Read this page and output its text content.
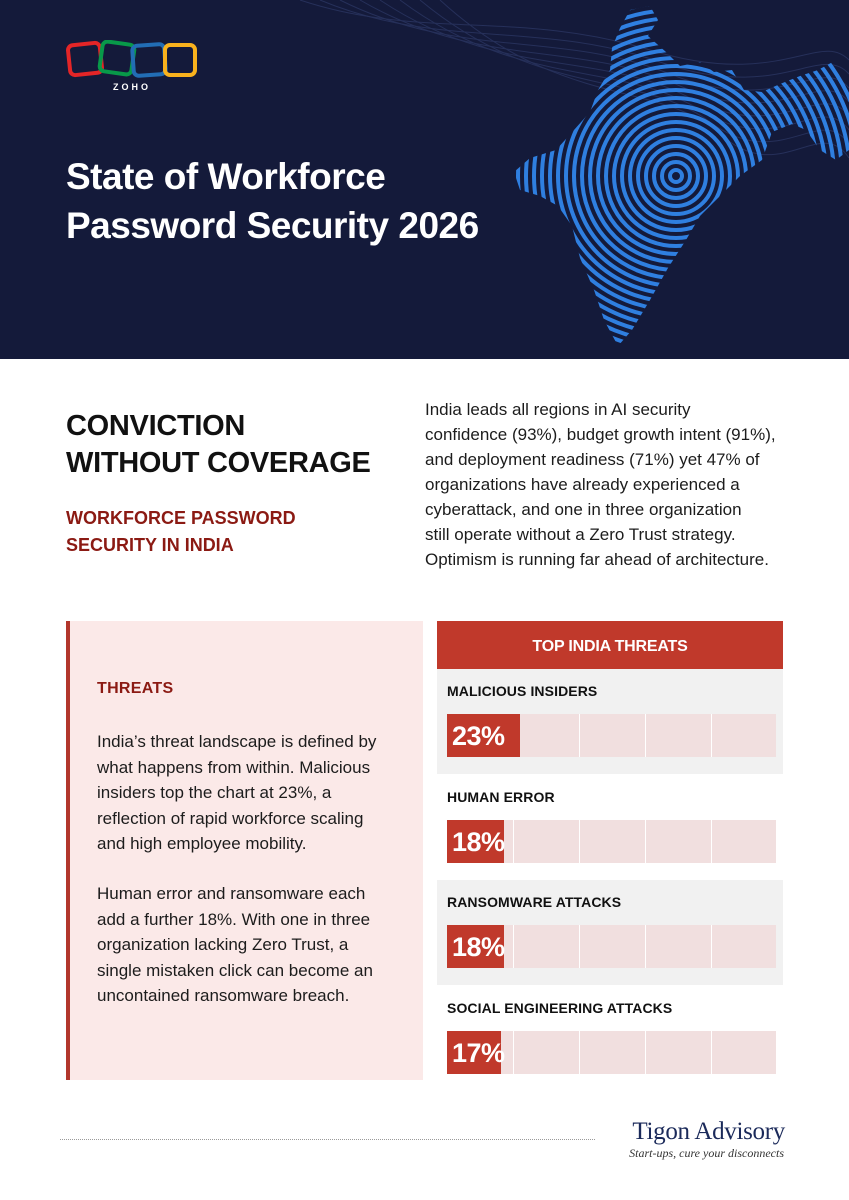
ZOHO
State of Workforce
Password Security 2026
CONVICTION
WITHOUT COVERAGE
WORKFORCE PASSWORD
SECURITY IN INDIA
India leads all regions in AI security
confidence (93%), budget growth intent (91%),
and deployment readiness (71%) yet 47% of
organizations have already experienced a
cyberattack, and one in three organization
still operate without a Zero Trust strategy.
Optimism is running far ahead of architecture.
THREATS
India’s threat landscape is defined by
what happens from within. Malicious
insiders top the chart at 23%, a
reflection of rapid workforce scaling
and high employee mobility.
Human error and ransomware each
add a further 18%. With one in three
organization lacking Zero Trust, a
single mistaken click can become an
uncontained ransomware breach.
TOP INDIA THREATS
MALICIOUS INSIDERS
23%
HUMAN ERROR
18%
RANSOMWARE ATTACKS
18%
SOCIAL ENGINEERING ATTACKS
17%
Tigon Advisory
Start-ups, cure your disconnects
